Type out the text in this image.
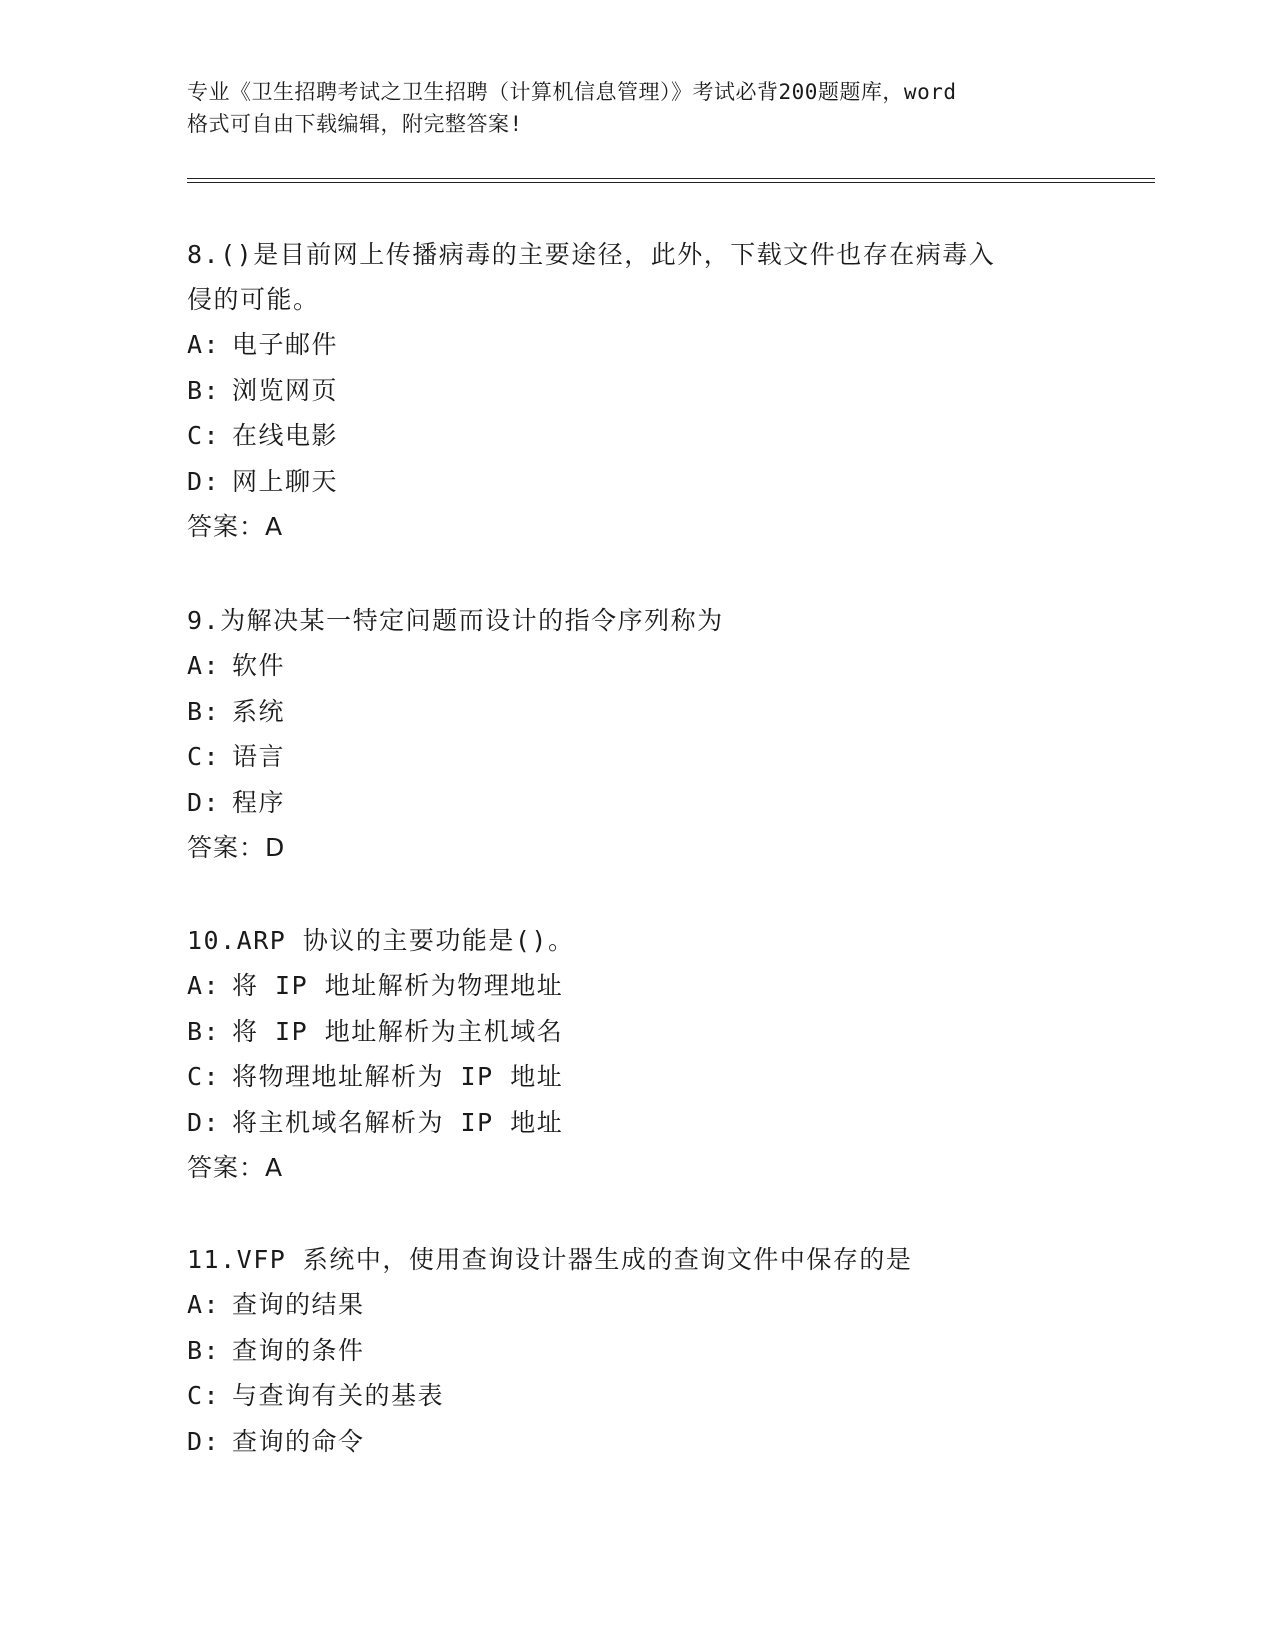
专业《卫生招聘考试之卫生招聘（计算机信息管理）》考试必背200题题库，word
格式可自由下载编辑，附完整答案!

8.()是目前网上传播病毒的主要途径，此外，下载文件也存在病毒入

侵的可能。

A: 电子邮件

B: 浏览网页

C: 在线电影

D: 网上聊天

答案：A

9.为解决某一特定问题而设计的指令序列称为

A: 软件

B: 系统

C: 语言

D: 程序

答案：D

10.ARP 协议的主要功能是()。

A: 将 IP 地址解析为物理地址

B: 将 IP 地址解析为主机域名

C: 将物理地址解析为 IP 地址

D: 将主机域名解析为 IP 地址

答案：A

11.VFP 系统中，使用查询设计器生成的查询文件中保存的是

A: 查询的结果

B: 查询的条件

C: 与查询有关的基表

D: 查询的命令
